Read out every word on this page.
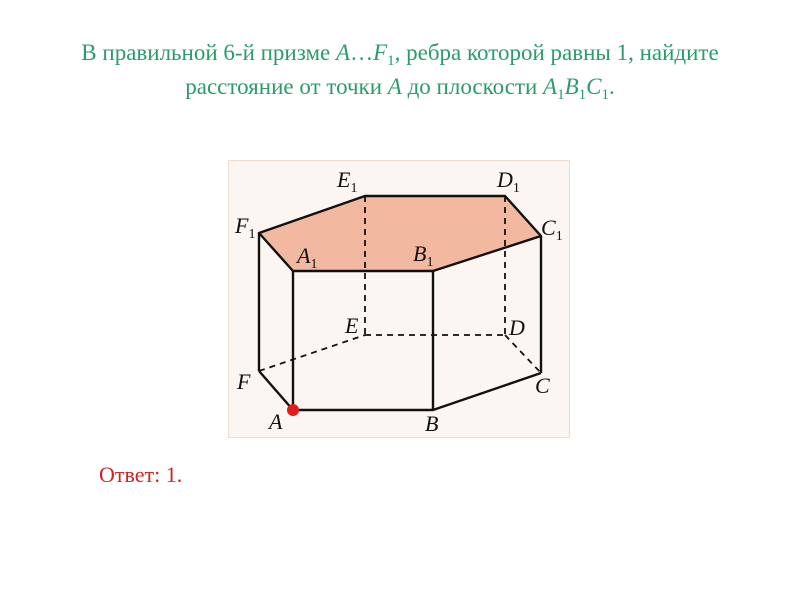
В правильной 6-й призме $A\dots F_1$, ребра которой равны 1, найдите
расстояние от точки A до плоскости $A_1B_1C_1$.
$E_1$	$D_1$
$F_1$	$C_1$
$A_1$	$B_1$
E	D
F	C
A	B
Ответ: 1.
